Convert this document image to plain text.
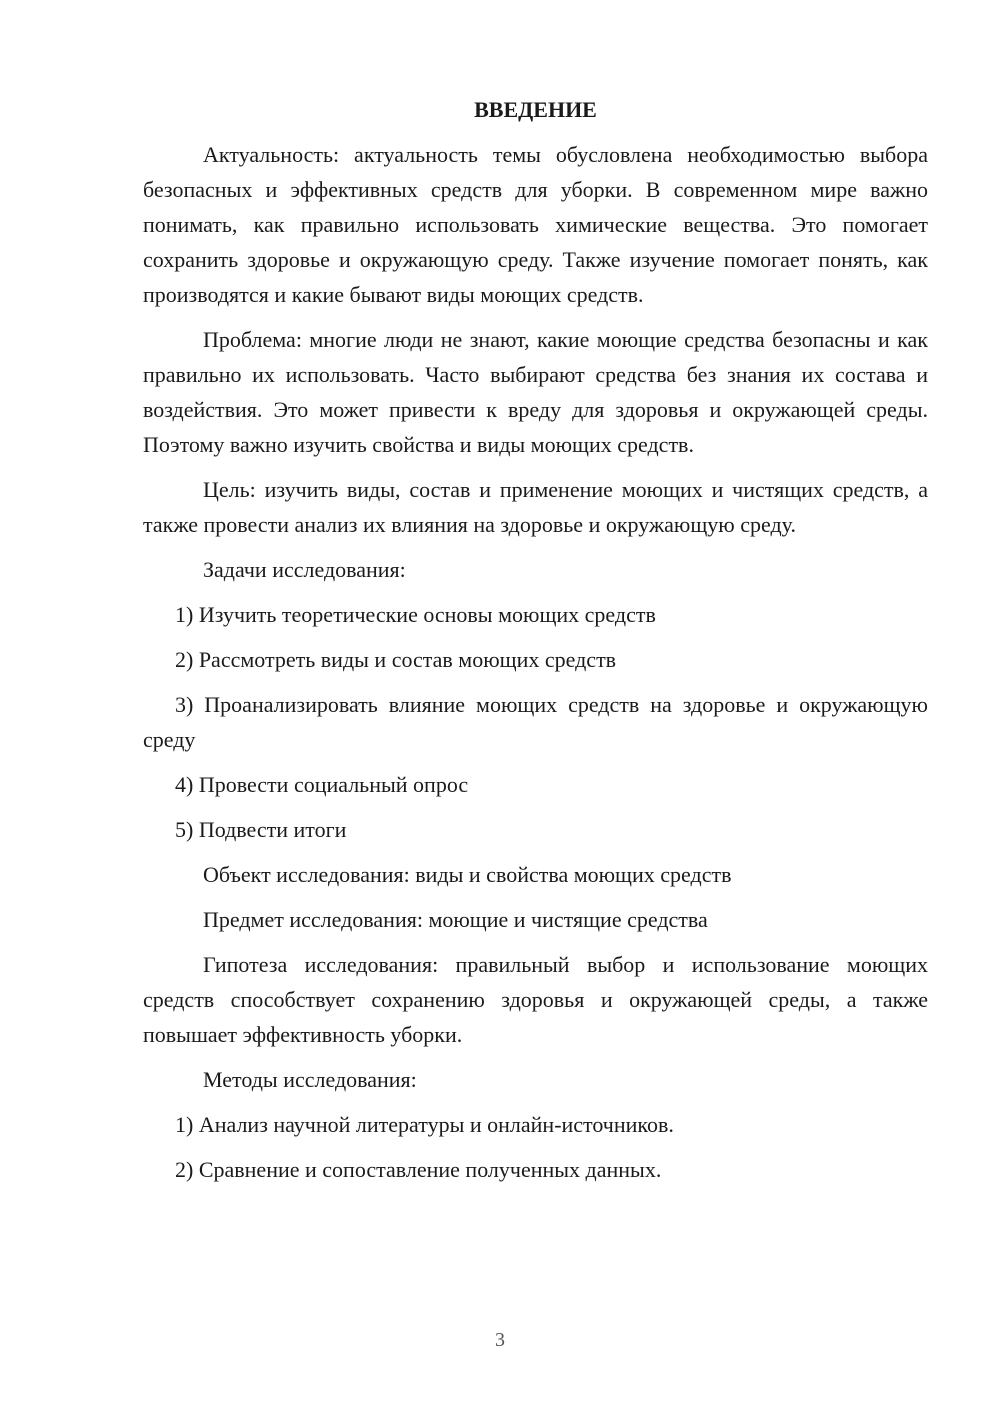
ВВЕДЕНИЕ

Актуальность: актуальность темы обусловлена необходимостью выбора безопасных и эффективных средств для уборки. В современном мире важно понимать, как правильно использовать химические вещества. Это помогает сохранить здоровье и окружающую среду. Также изучение помогает понять, как производятся и какие бывают виды моющих средств.

Проблема: многие люди не знают, какие моющие средства безопасны и как правильно их использовать. Часто выбирают средства без знания их состава и воздействия. Это может привести к вреду для здоровья и окружающей среды. Поэтому важно изучить свойства и виды моющих средств.

Цель: изучить виды, состав и применение моющих и чистящих средств, а также провести анализ их влияния на здоровье и окружающую среду.

Задачи исследования:

1) Изучить теоретические основы моющих средств

2) Рассмотреть виды и состав моющих средств

3) Проанализировать влияние моющих средств на здоровье и окружающую среду

4) Провести социальный опрос

5) Подвести итоги

Объект исследования: виды и свойства моющих средств

Предмет исследования: моющие и чистящие средства

Гипотеза исследования: правильный выбор и использование моющих средств способствует сохранению здоровья и окружающей среды, а также повышает эффективность уборки.

Методы исследования:

1) Анализ научной литературы и онлайн-источников.

2) Сравнение и сопоставление полученных данных.

3
